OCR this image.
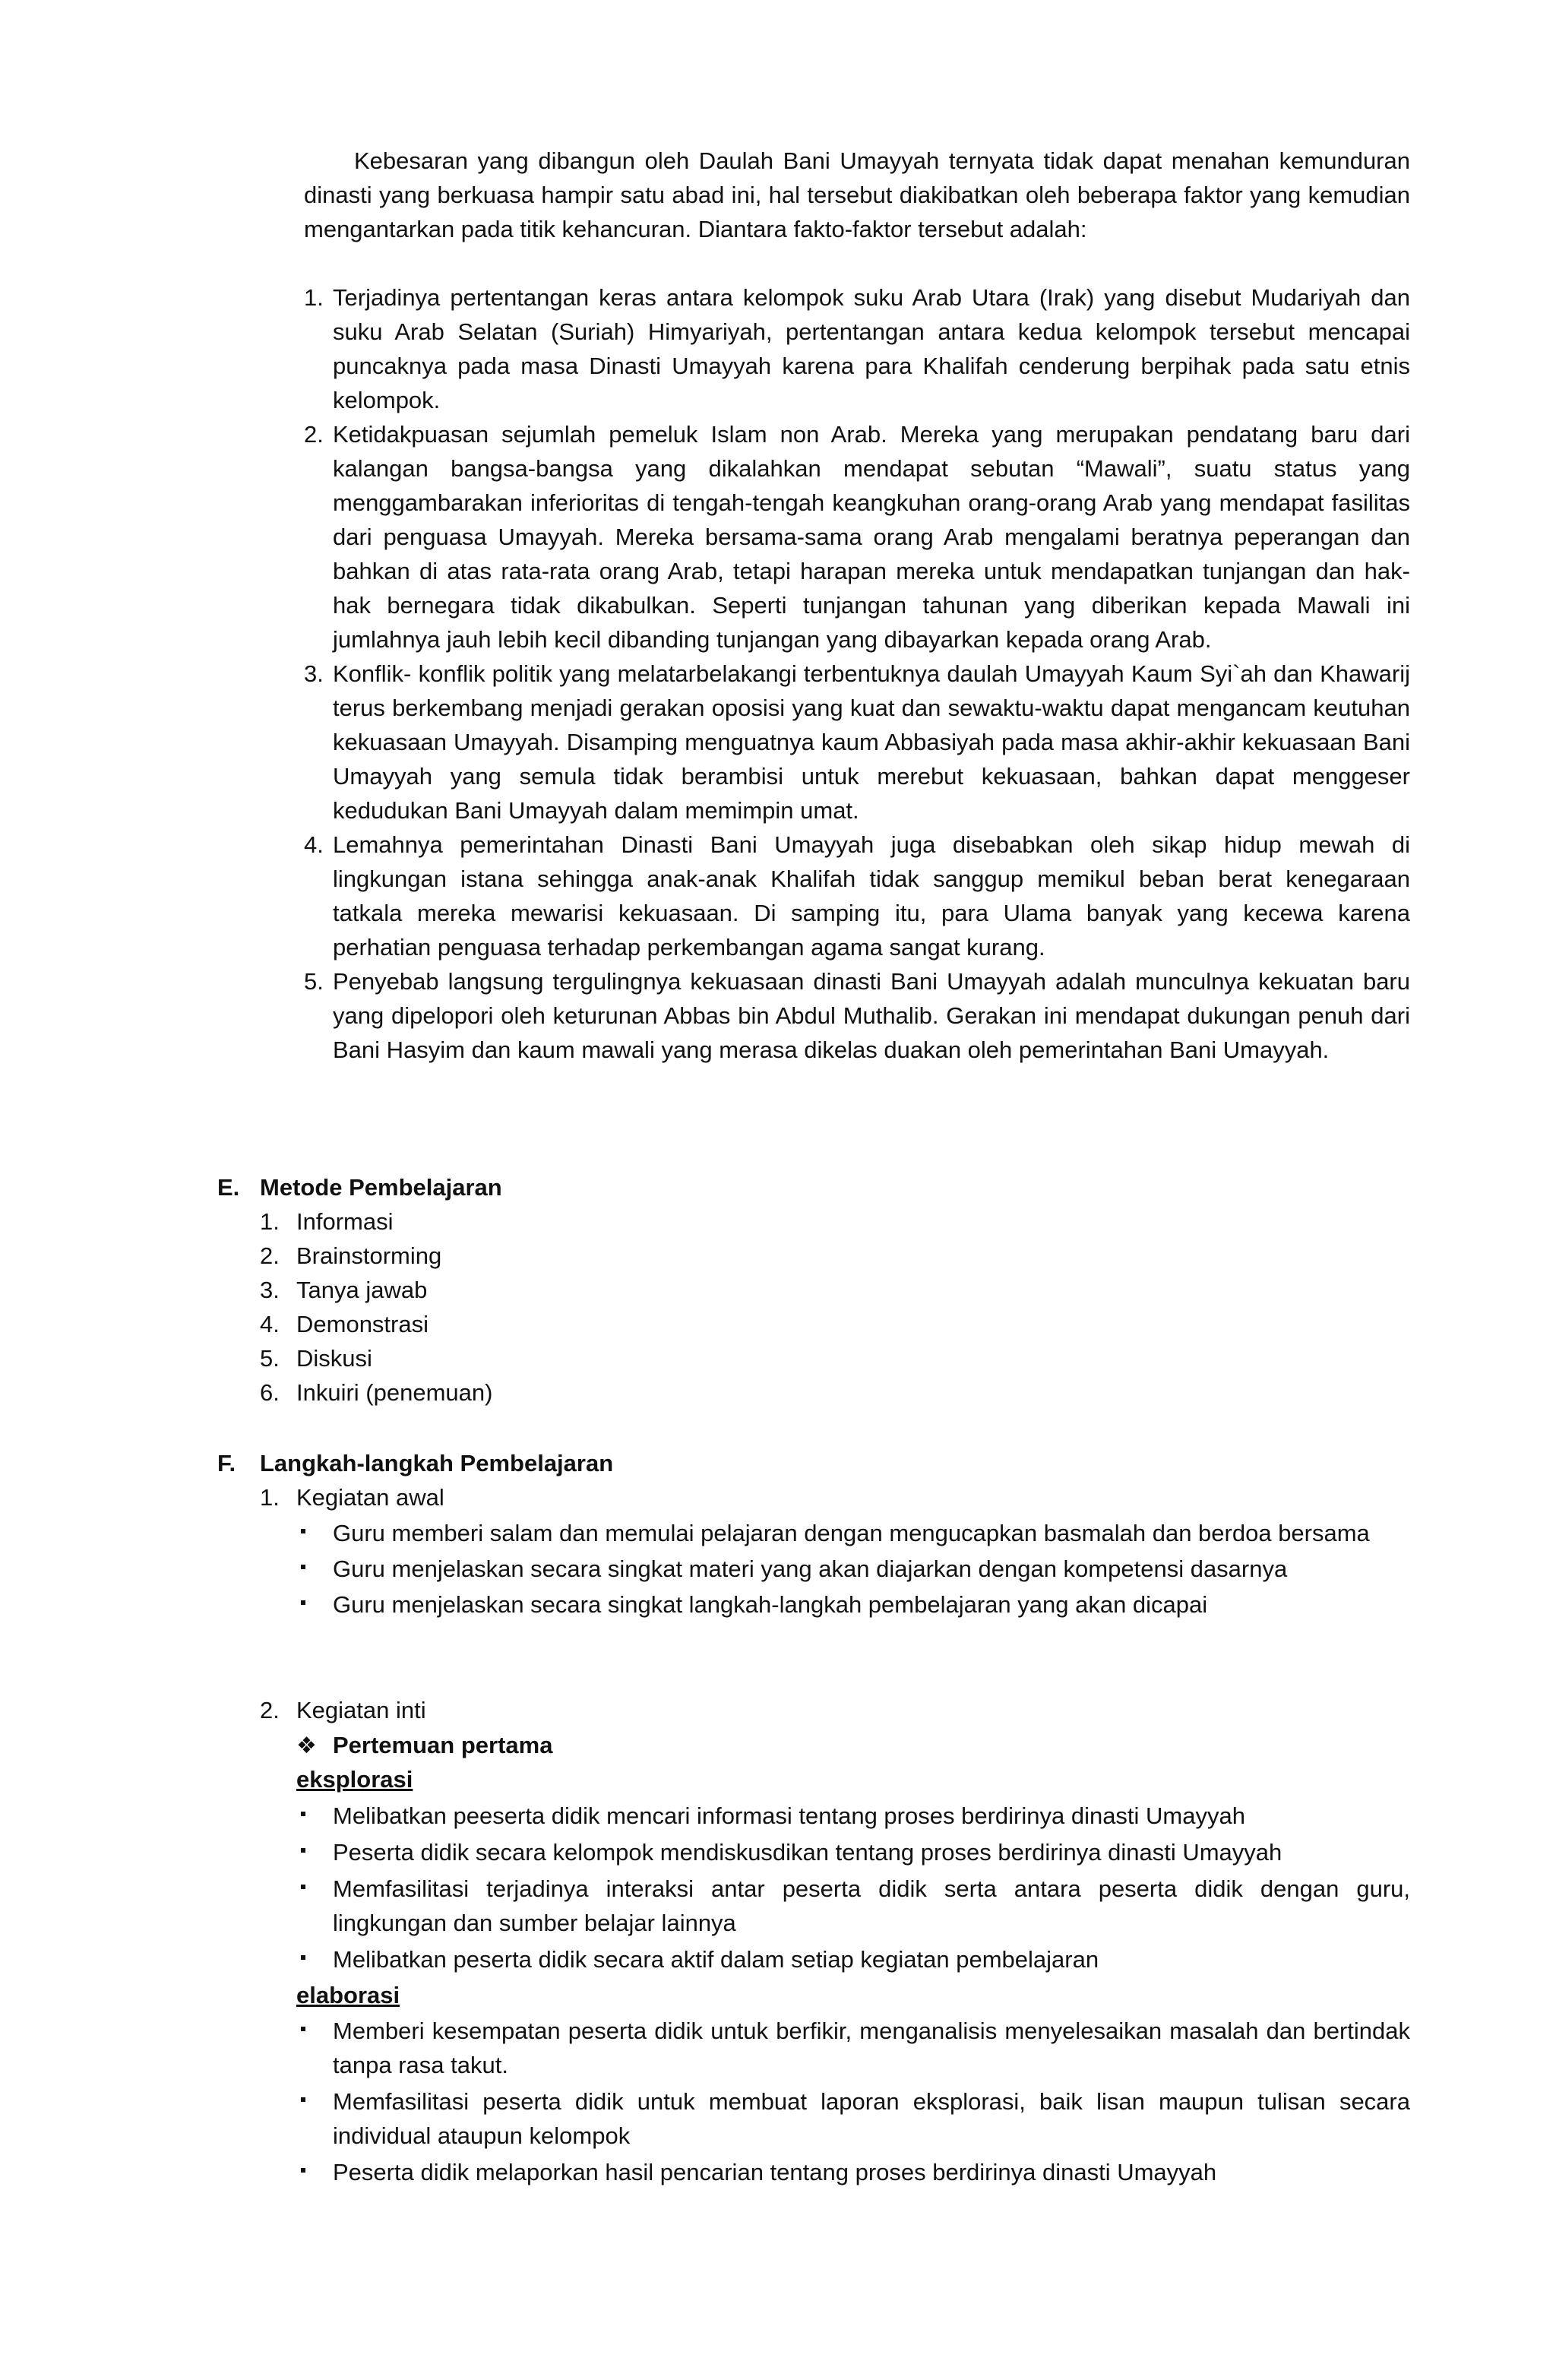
Kebesaran yang dibangun oleh Daulah Bani Umayyah ternyata tidak dapat menahan kemunduran dinasti yang berkuasa hampir satu abad ini, hal tersebut diakibatkan oleh beberapa faktor yang kemudian mengantarkan pada titik kehancuran. Diantara fakto-faktor tersebut adalah:

1. Terjadinya pertentangan keras antara kelompok suku Arab Utara (Irak) yang disebut Mudariyah dan suku Arab Selatan (Suriah) Himyariyah, pertentangan antara kedua kelompok tersebut mencapai puncaknya pada masa Dinasti Umayyah karena para Khalifah cenderung berpihak pada satu etnis kelompok.
2. Ketidakpuasan sejumlah pemeluk Islam non Arab. Mereka yang merupakan pendatang baru dari kalangan bangsa-bangsa yang dikalahkan mendapat sebutan “Mawali”, suatu status yang menggambarakan inferioritas di tengah-tengah keangkuhan orang-orang Arab yang mendapat fasilitas dari penguasa Umayyah. Mereka bersama-sama orang Arab mengalami beratnya peperangan dan bahkan di atas rata-rata orang Arab, tetapi harapan mereka untuk mendapatkan tunjangan dan hak-hak bernegara tidak dikabulkan. Seperti tunjangan tahunan yang diberikan kepada Mawali ini jumlahnya jauh lebih kecil dibanding tunjangan yang dibayarkan kepada orang Arab.
3. Konflik- konflik politik yang melatarbelakangi terbentuknya daulah Umayyah Kaum Syi`ah dan Khawarij terus berkembang menjadi gerakan oposisi yang kuat dan sewaktu-waktu dapat mengancam keutuhan kekuasaan Umayyah. Disamping menguatnya kaum Abbasiyah pada masa akhir-akhir kekuasaan Bani Umayyah yang semula tidak berambisi untuk merebut kekuasaan, bahkan dapat menggeser kedudukan Bani Umayyah dalam memimpin umat.
4. Lemahnya pemerintahan Dinasti Bani Umayyah juga disebabkan oleh sikap hidup mewah di lingkungan istana sehingga anak-anak Khalifah tidak sanggup memikul beban berat kenegaraan tatkala mereka mewarisi kekuasaan. Di samping itu, para Ulama banyak yang kecewa karena perhatian penguasa terhadap perkembangan agama sangat kurang.
5. Penyebab langsung tergulingnya kekuasaan dinasti Bani Umayyah adalah munculnya kekuatan baru yang dipelopori oleh keturunan Abbas bin Abdul Muthalib. Gerakan ini mendapat dukungan penuh dari Bani Hasyim dan kaum mawali yang merasa dikelas duakan oleh pemerintahan Bani Umayyah.

E. Metode Pembelajaran

1. Informasi
2. Brainstorming
3. Tanya jawab
4. Demonstrasi
5. Diskusi
6. Inkuiri (penemuan)

F. Langkah-langkah Pembelajaran

1. Kegiatan awal

Guru memberi salam dan memulai pelajaran dengan mengucapkan basmalah dan berdoa bersama
Guru menjelaskan secara singkat materi yang akan diajarkan dengan kompetensi dasarnya
Guru menjelaskan secara singkat langkah-langkah pembelajaran yang akan dicapai

2. Kegiatan inti

❖ Pertemuan pertama

eksplorasi

Melibatkan peeserta didik mencari informasi tentang proses berdirinya dinasti Umayyah
Peserta didik secara kelompok mendiskusdikan tentang proses berdirinya dinasti Umayyah
Memfasilitasi terjadinya interaksi antar peserta didik serta antara peserta didik dengan guru, lingkungan dan sumber belajar lainnya
Melibatkan peserta didik secara aktif dalam setiap kegiatan pembelajaran

elaborasi

Memberi kesempatan peserta didik untuk berfikir, menganalisis menyelesaikan masalah dan bertindak tanpa rasa takut.
Memfasilitasi peserta didik untuk membuat laporan eksplorasi, baik lisan maupun tulisan secara individual ataupun kelompok
Peserta didik melaporkan hasil pencarian tentang proses berdirinya dinasti Umayyah
